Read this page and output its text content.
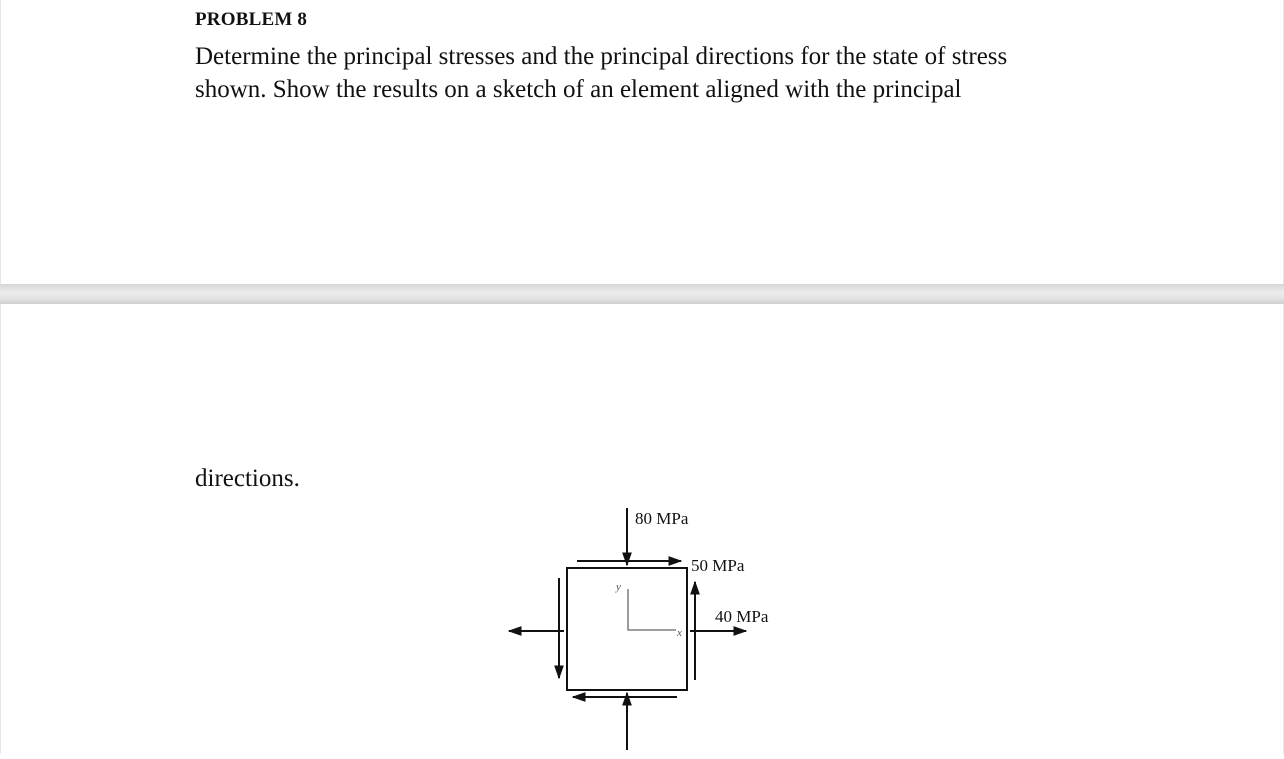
PROBLEM 8
Determine the principal stresses and the principal directions for the state of stress
shown. Show the results on a sketch of an element aligned with the principal
directions.
y
x
80 MPa
50 MPa
40 MPa
